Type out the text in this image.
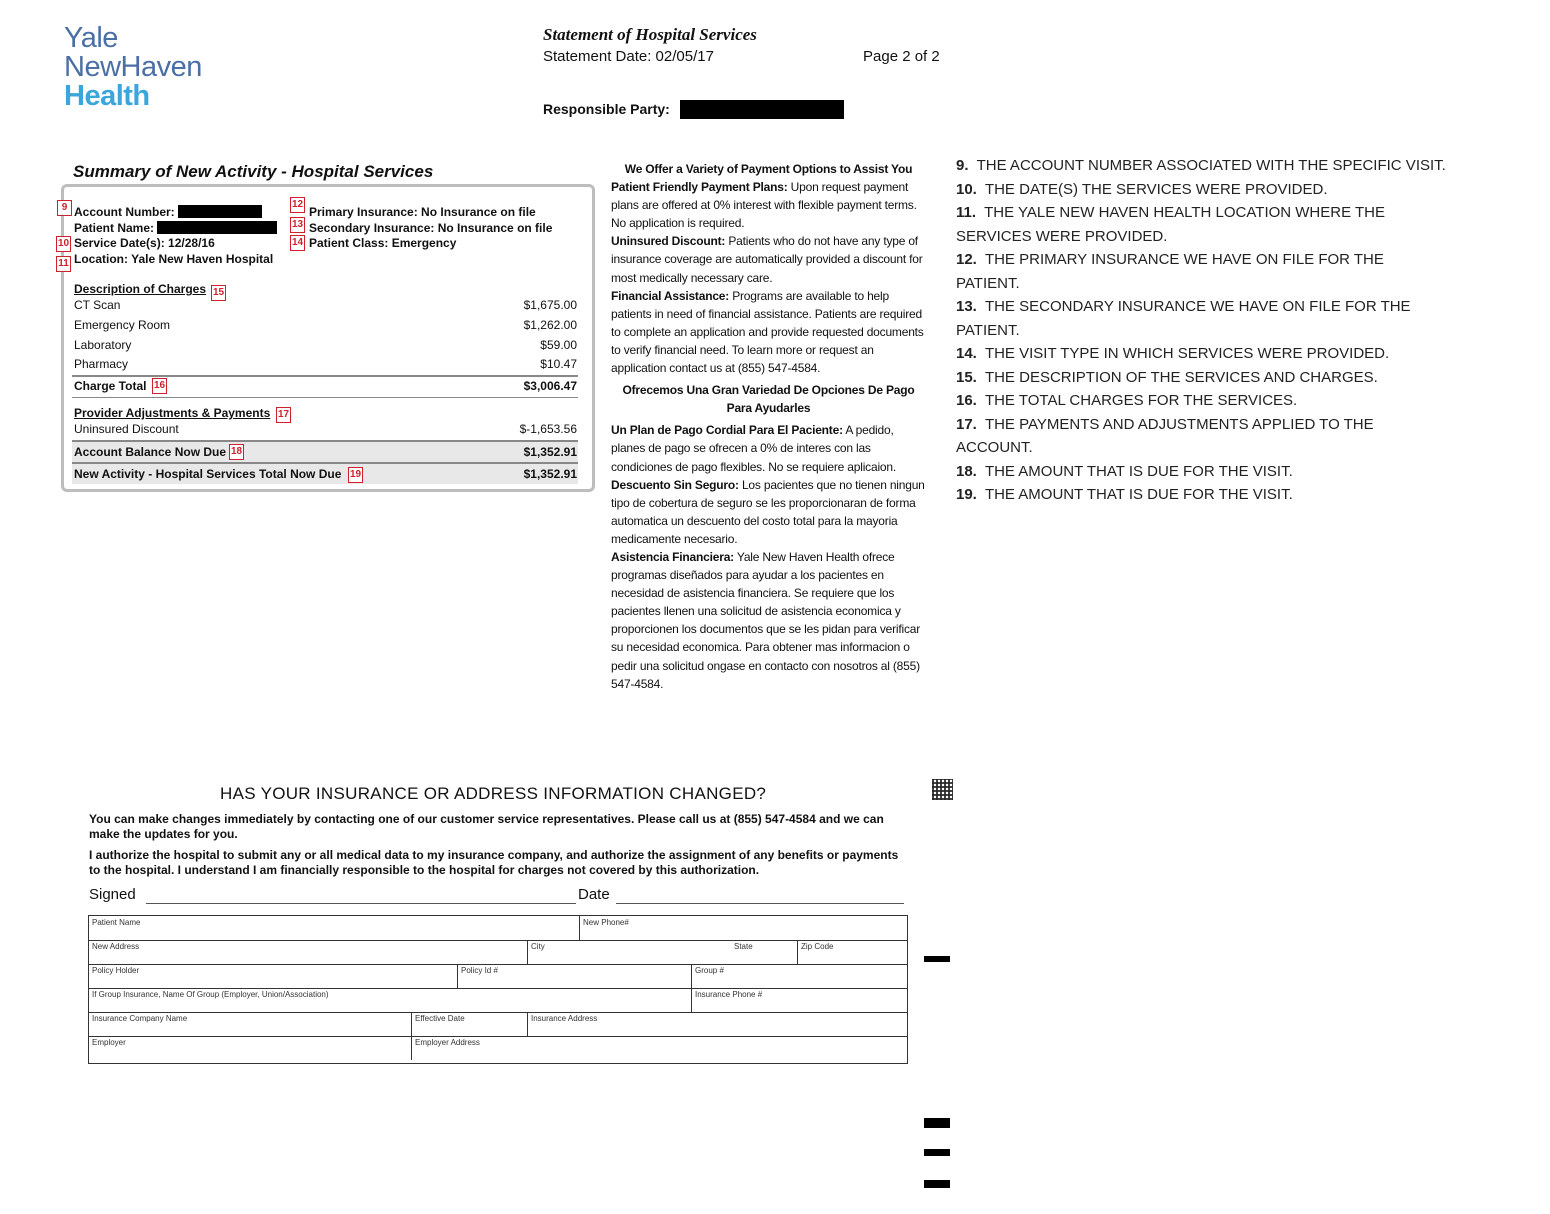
Yale
NewHaven
Health
Statement of Hospital Services
Statement Date: 02/05/17	Page 2 of 2
Responsible Party:
Summary of New Activity - Hospital Services
9 Account Number:
Patient Name:
10 Service Date(s): 12/28/16
11 Location: Yale New Haven Hospital
12
Primary Insurance: No Insurance on file
13 Secondary Insurance: No Insurance on file
14 Patient Class: Emergency
Description of Charges 15
CT Scan	$1,675.00
Emergency Room	$1,262.00
Laboratory	$59.00
Pharmacy	$10.47
Charge Total	$3,006.47
16
Provider Adjustments & Payments 17
Uninsured Discount	$-1,653.56
Account Balance Now Due	$1,352.91
18
New Activity - Hospital Services Total Now Due	$1,352.91
19

We Offer a Variety of Payment Options to Assist You

Patient Friendly Payment Plans: Upon request payment plans are offered at 0% interest with flexible payment terms. No application is required.

Uninsured Discount: Patients who do not have any type of insurance coverage are automatically provided a discount for most medically necessary care.

Financial Assistance: Programs are available to help patients in need of financial assistance. Patients are required to complete an application and provide requested documents to verify financial need. To learn more or request an application contact us at (855) 547-4584.

Ofrecemos Una Gran Variedad De Opciones De Pago Para Ayudarles

Un Plan de Pago Cordial Para El Paciente: A pedido, planes de pago se ofrecen a 0% de interes con las condiciones de pago flexibles. No se requiere aplicaion.

Descuento Sin Seguro: Los pacientes que no tienen ningun tipo de cobertura de seguro se les proporcionaran de forma automatica un descuento del costo total para la mayoria medicamente necesario.

Asistencia Financiera: Yale New Haven Health ofrece programas diseñados para ayudar a los pacientes en necesidad de asistencia financiera. Se requiere que los pacientes llenen una solicitud de asistencia economica y proporcionen los documentos que se les pidan para verificar su necesidad economica. Para obtener mas informacion o pedir una solicitud ongase en contacto con nosotros al (855) 547-4584.

9. THE ACCOUNT NUMBER ASSOCIATED WITH THE SPECIFIC VISIT.

10. THE DATE(S) THE SERVICES WERE PROVIDED.

11. THE YALE NEW HAVEN HEALTH LOCATION WHERE THE SERVICES WERE PROVIDED.

12. THE PRIMARY INSURANCE WE HAVE ON FILE FOR THE PATIENT.

13. THE SECONDARY INSURANCE WE HAVE ON FILE FOR THE PATIENT.

14. THE VISIT TYPE IN WHICH SERVICES WERE PROVIDED.

15. THE DESCRIPTION OF THE SERVICES AND CHARGES.

16. THE TOTAL CHARGES FOR THE SERVICES.

17. THE PAYMENTS AND ADJUSTMENTS APPLIED TO THE ACCOUNT.

18.  THE AMOUNT THAT IS DUE FOR THE VISIT.

19. THE AMOUNT THAT IS DUE FOR THE VISIT.

HAS YOUR INSURANCE OR ADDRESS INFORMATION CHANGED?
You can make changes immediately by contacting one of our customer service representatives. Please call us at (855) 547-4584 and we can make the updates for you.
I authorize the hospital to submit any or all medical data to my insurance company, and authorize the assignment of any benefits or payments to the hospital. I understand I am financially responsible to the hospital for charges not covered by this authorization.
Signed	Date
Patient Name	New Phone#
New Address	City	State	Zip Code
Policy Holder	Policy Id #	Group #
If Group Insurance, Name Of Group (Employer, Union/Association)	Insurance Phone #
Insurance Company Name	Effective Date	Insurance Address
Employer	Employer Address
